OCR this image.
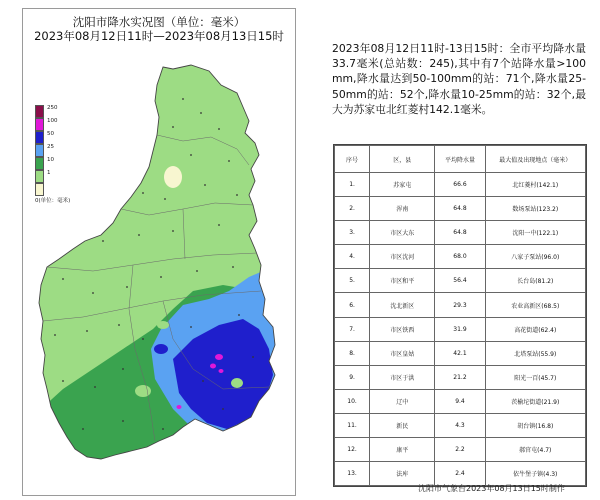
沈阳市降水实况图（单位：毫米）
2023年08月12日11时—2023年08月13日15时
250
100
50
25
10
1
0(单位：毫米)
2023年08月12日11时-13日15时：全市平均降水量33.7毫米(总站数：245),其中有7个站降水量>100mm,降水量达到50-100mm的站：71个,降水量25-50mm的站：52个,降水量10-25mm的站：32个,最大为苏家屯北红菱村142.1毫米。
序号	区，县	平均降水量	最大值及出现地点（毫米）
1.	苏家屯	66.6	北红菱村(142.1)
2.	浑南	64.8	数场泵站(123.2)
3.	市区大东	64.8	沈阳一中(122.1)
4.	市区沈河	68.0	八家子泵站(96.0)
5.	市区和平	56.4	长台岛(81.2)
6.	沈北新区	29.3	农业高新区(68.5)
7.	市区铁西	31.9	高花街道(62.4)
8.	市区皇姑	42.1	北塔泵站(55.9)
9.	市区于洪	21.2	阳光一百(45.7)
10.	辽中	9.4	茨榆坨街道(21.9)
11.	新民	4.3	胡台镇(16.8)
12.	康平	2.2	郝官屯(4.7)
13.	法库	2.4	依牛堡子镇(4.3)
沈阳市气象台2023年08月13日15时制作
